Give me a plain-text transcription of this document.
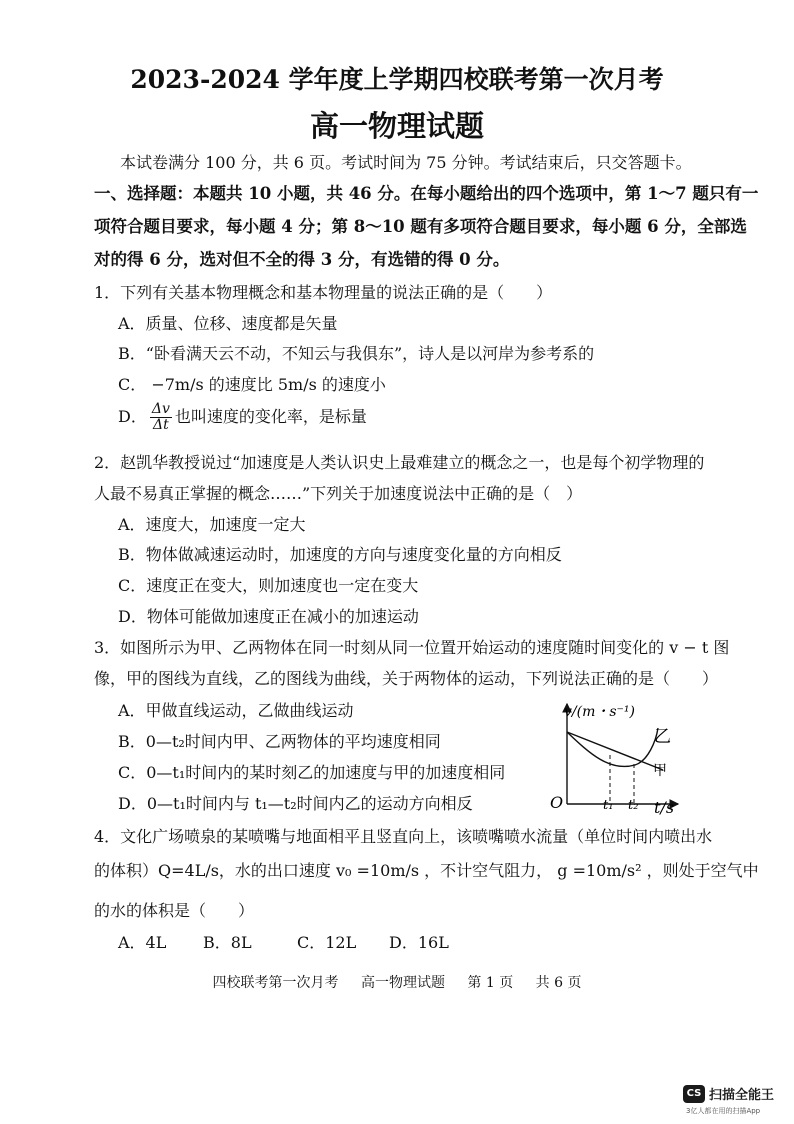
2023-2024 学年度上学期四校联考第一次月考
高一物理试题
本试卷满分 100 分，共 6 页。考试时间为 75 分钟。考试结束后，只交答题卡。
一、选择题：本题共 10 小题，共 46 分。在每小题给出的四个选项中，第 1～7 题只有一
项符合题目要求，每小题 4 分；第 8～10 题有多项符合题目要求，每小题 6 分，全部选
对的得 6 分，选对但不全的得 3 分，有选错的得 0 分。
1．下列有关基本物理概念和基本物理量的说法正确的是（　　）
A．质量、位移、速度都是矢量
B．“卧看满天云不动，不知云与我俱东”，诗人是以河岸为参考系的
C． −7m/s 的速度比 5m/s 的速度小
D． $\frac{\Delta v}{\Delta t}$ 也叫速度的变化率，是标量
2．赵凯华教授说过“加速度是人类认识史上最难建立的概念之一，也是每个初学物理的
人最不易真正掌握的概念……”下列关于加速度说法中正确的是（　）
A．速度大，加速度一定大
B．物体做减速运动时，加速度的方向与速度变化量的方向相反
C．速度正在变大，则加速度也一定在变大
D．物体可能做加速度正在减小的加速运动
3．如图所示为甲、乙两物体在同一时刻从同一位置开始运动的速度随时间变化的 v − t 图
像，甲的图线为直线，乙的图线为曲线，关于两物体的运动，下列说法正确的是（　　）
A．甲做直线运动，乙做曲线运动
B．0—t₂时间内甲、乙两物体的平均速度相同
C．0—t₁时间内的某时刻乙的加速度与甲的加速度相同
D．0—t₁时间内与 t₁—t₂时间内乙的运动方向相反
v/(m・s⁻¹)
t/s
O	t₁ t₂
乙
甲
4．文化广场喷泉的某喷嘴与地面相平且竖直向上，该喷嘴喷水流量（单位时间内喷出水
的体积）Q=4L/s，水的出口速度 v₀ =10m/s ，不计空气阻力， g =10m/s² ，则处于空气中
的水的体积是（　　）
A．4L B．8L	C．12L D．16L
四校联考第一次月考 高一物理试题 第 1 页 共 6 页
CS 扫描全能王
3亿人都在用的扫描App
